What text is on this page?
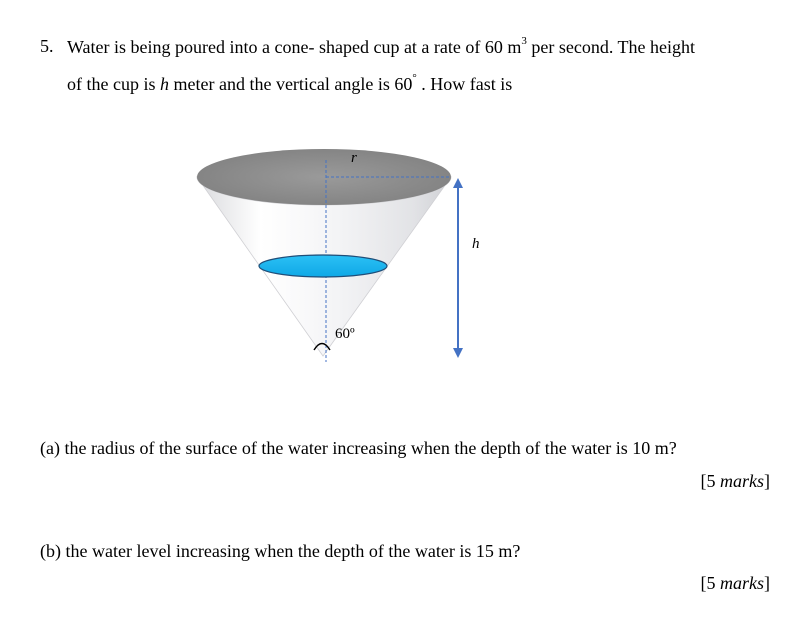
5. Water is being poured into a cone- shaped cup at a rate of 60 $m^3$ per second. The height
of the cup is h meter and the vertical angle is 60° . How fast is
r
h
60º
(a) the radius of the surface of the water increasing when the depth of the water is 10 m?
[5 marks]
(b) the water level increasing when the depth of the water is 15 m?
[5 marks]
